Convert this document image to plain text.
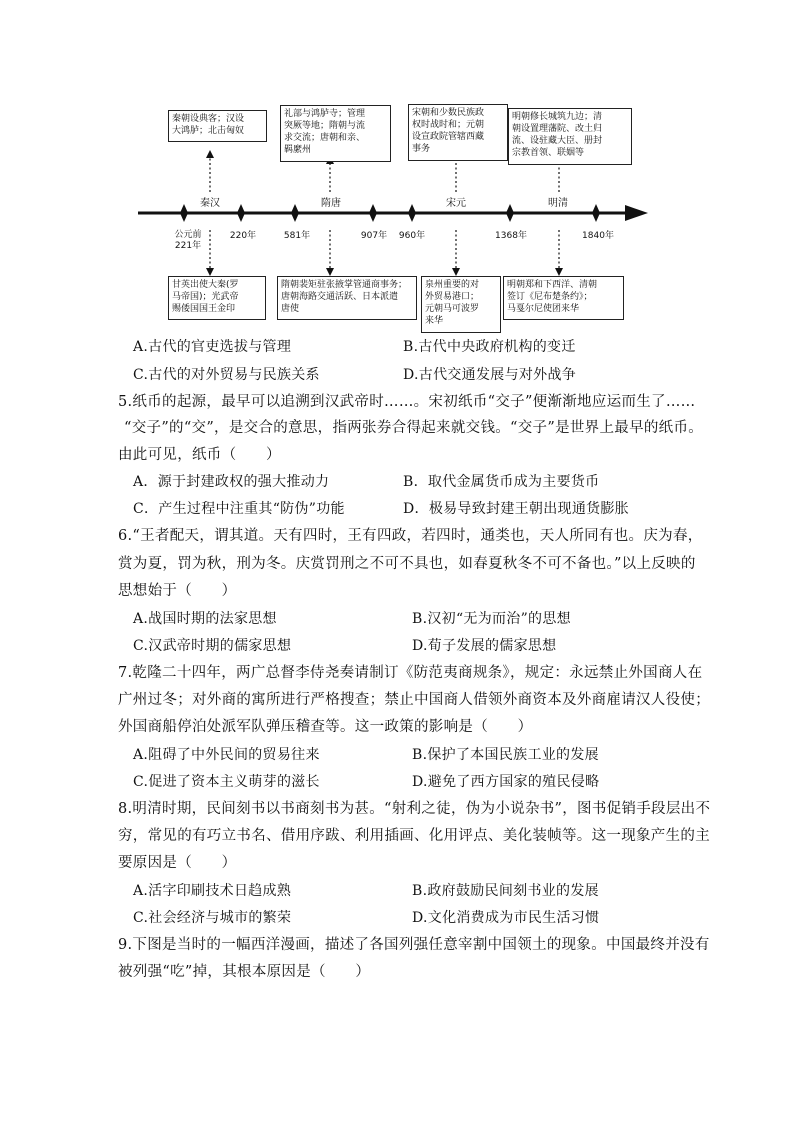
秦朝设典客；汉设
大鸿胪；北击匈奴
礼部与鸿胪寺；管理
突厥等地；隋朝与流
求交流；唐朝和亲、
羁縻州
宋朝和少数民族政
权时战时和；元朝
设宣政院管辖西藏
事务
明朝修长城筑九边；清
朝设置理藩院、改土归
流、设驻藏大臣、册封
宗教首领、联姻等
秦汉	隋唐	宋元	明清
公元前
221年
220年	581年	907年	960年	1368年	1840年
甘英出使大秦(罗
马帝国)；光武帝
赐倭国国王金印
隋朝裴矩驻张掖掌管通商事务；
唐朝海路交通活跃、日本派遣
唐使
泉州重要的对
外贸易港口；
元朝马可波罗
来华
明朝郑和下西洋、清朝
签订《尼布楚条约》；
马戛尔尼使团来华
A.古代的官吏选拔与管理	B.古代中央政府机构的变迁
C.古代的对外贸易与民族关系	D.古代交通发展与对外战争
5.纸币的起源，最早可以追溯到汉武帝时……。宋初纸币“交子”便渐渐地应运而生了……
“交子”的“交”，是交合的意思，指两张券合得起来就交钱。“交子”是世界上最早的纸币。
由此可见，纸币（　　）
A．源于封建政权的强大推动力	B．取代金属货币成为主要货币
C．产生过程中注重其“防伪”功能	D．极易导致封建王朝出现通货膨胀
6.“王者配天，谓其道。天有四时，王有四政，若四时，通类也，天人所同有也。庆为春，
赏为夏，罚为秋，刑为冬。庆赏罚刑之不可不具也，如春夏秋冬不可不备也。”以上反映的
思想始于（　　）
A.战国时期的法家思想	B.汉初“无为而治”的思想
C.汉武帝时期的儒家思想	D.荀子发展的儒家思想
7.乾隆二十四年，两广总督李侍尧奏请制订《防范夷商规条》，规定：永远禁止外国商人在
广州过冬；对外商的寓所进行严格搜查；禁止中国商人借领外商资本及外商雇请汉人役使；
外国商船停泊处派军队弹压稽查等。这一政策的影响是（　　）
A.阻碍了中外民间的贸易往来	B.保护了本国民族工业的发展
C.促进了资本主义萌芽的滋长	D.避免了西方国家的殖民侵略
8.明清时期，民间刻书以书商刻书为甚。“射利之徒，伪为小说杂书”，图书促销手段层出不
穷，常见的有巧立书名、借用序跋、利用插画、化用评点、美化装帧等。这一现象产生的主
要原因是（　　）
A.活字印刷技术日趋成熟	B.政府鼓励民间刻书业的发展
C.社会经济与城市的繁荣	D.文化消费成为市民生活习惯
9.下图是当时的一幅西洋漫画，描述了各国列强任意宰割中国领土的现象。中国最终并没有
被列强“吃”掉，其根本原因是（　　）
